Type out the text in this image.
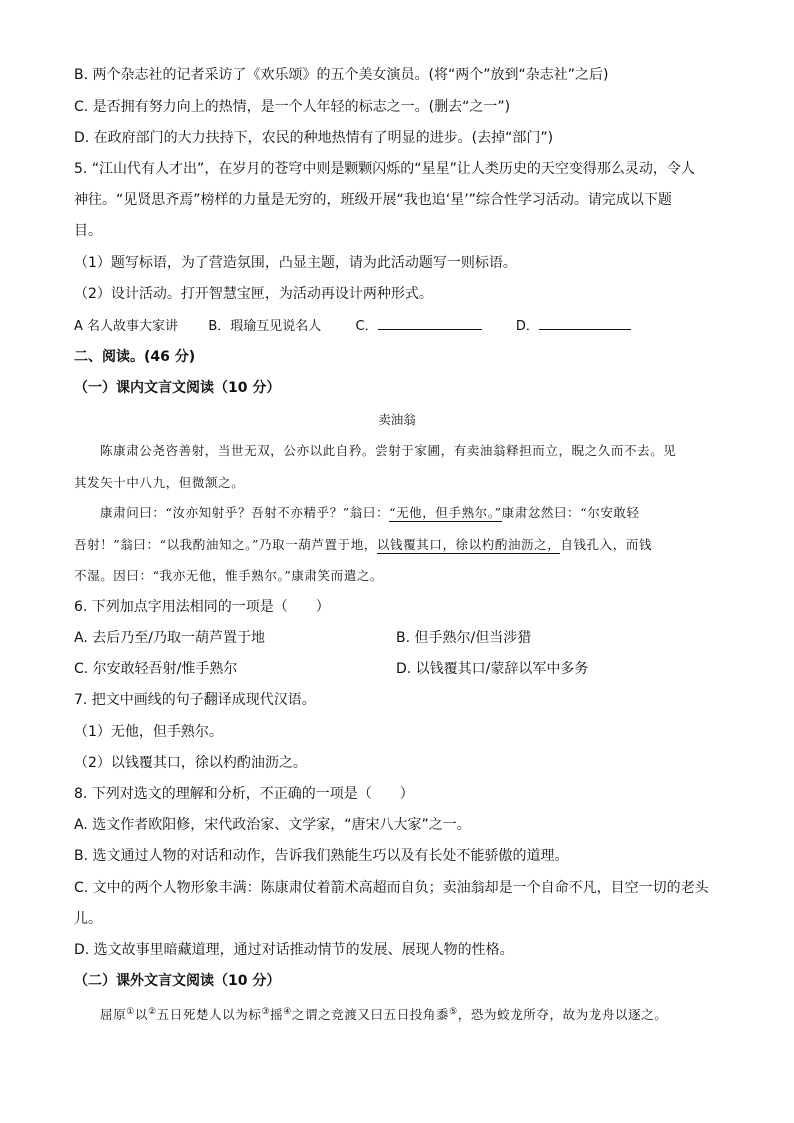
B. 两个杂志社的记者采访了《欢乐颂》的五个美女演员。(将“两个”放到“杂志社”之后)
C. 是否拥有努力向上的热情，是一个人年轻的标志之一。(删去“之一”)
D. 在政府部门的大力扶持下，农民的种地热情有了明显的进步。(去掉“部门”)
5. “江山代有人才出”，在岁月的苍穹中则是颗颗闪烁的“星星”让人类历史的天空变得那么灵动，令人
神往。“见贤思齐焉”榜样的力量是无穷的，班级开展“我也追‘星’”综合性学习活动。请完成以下题
目。
（1）题写标语，为了营造氛围，凸显主题，请为此活动题写一则标语。
（2）设计活动。打开智慧宝匣，为活动再设计两种形式。
A 名人故事大家讲 B．瑕瑜互见说名人	C．	D．
二、阅读。(46 分)
（一）课内文言文阅读（10 分）
卖油翁
陈康肃公尧咨善射，当世无双，公亦以此自矜。尝射于家圃，有卖油翁释担而立，睨之久而不去。见
其发矢十中八九，但微颔之。
康肃问曰：“汝亦知射乎？吾射不亦精乎？”翁曰：“无他，但手熟尔。”康肃忿然曰：“尔安敢轻
吾射！”翁曰：“以我酌油知之。”乃取一葫芦置于地，以钱覆其口，徐以杓酌油沥之，自钱孔入，而钱
不湿。因曰：“我亦无他，惟手熟尔。”康肃笑而遣之。
6. 下列加点字用法相同的一项是（　　）
A. 去后乃至/乃取一葫芦置于地	B. 但手熟尔/但当涉猎
C. 尔安敢轻吾射/惟手熟尔	D. 以钱覆其口/蒙辞以军中多务
7. 把文中画线的句子翻译成现代汉语。
（1）无他，但手熟尔。
（2）以钱覆其口，徐以杓酌油沥之。
8. 下列对选文的理解和分析，不正确的一项是（　　）
A. 选文作者欧阳修，宋代政治家、文学家，“唐宋八大家”之一。
B. 选文通过人物的对话和动作，告诉我们熟能生巧以及有长处不能骄傲的道理。
C. 文中的两个人物形象丰满：陈康肃仗着箭术高超而自负；卖油翁却是一个自命不凡，目空一切的老头
儿。
D. 选文故事里暗藏道理，通过对话推动情节的发展、展现人物的性格。
（二）课外文言文阅读（10 分）
屈原①以②五日死楚人以为标③摇④之谓之竞渡又曰五日投角黍⑤，恐为蛟龙所夺，故为龙舟以逐之。
